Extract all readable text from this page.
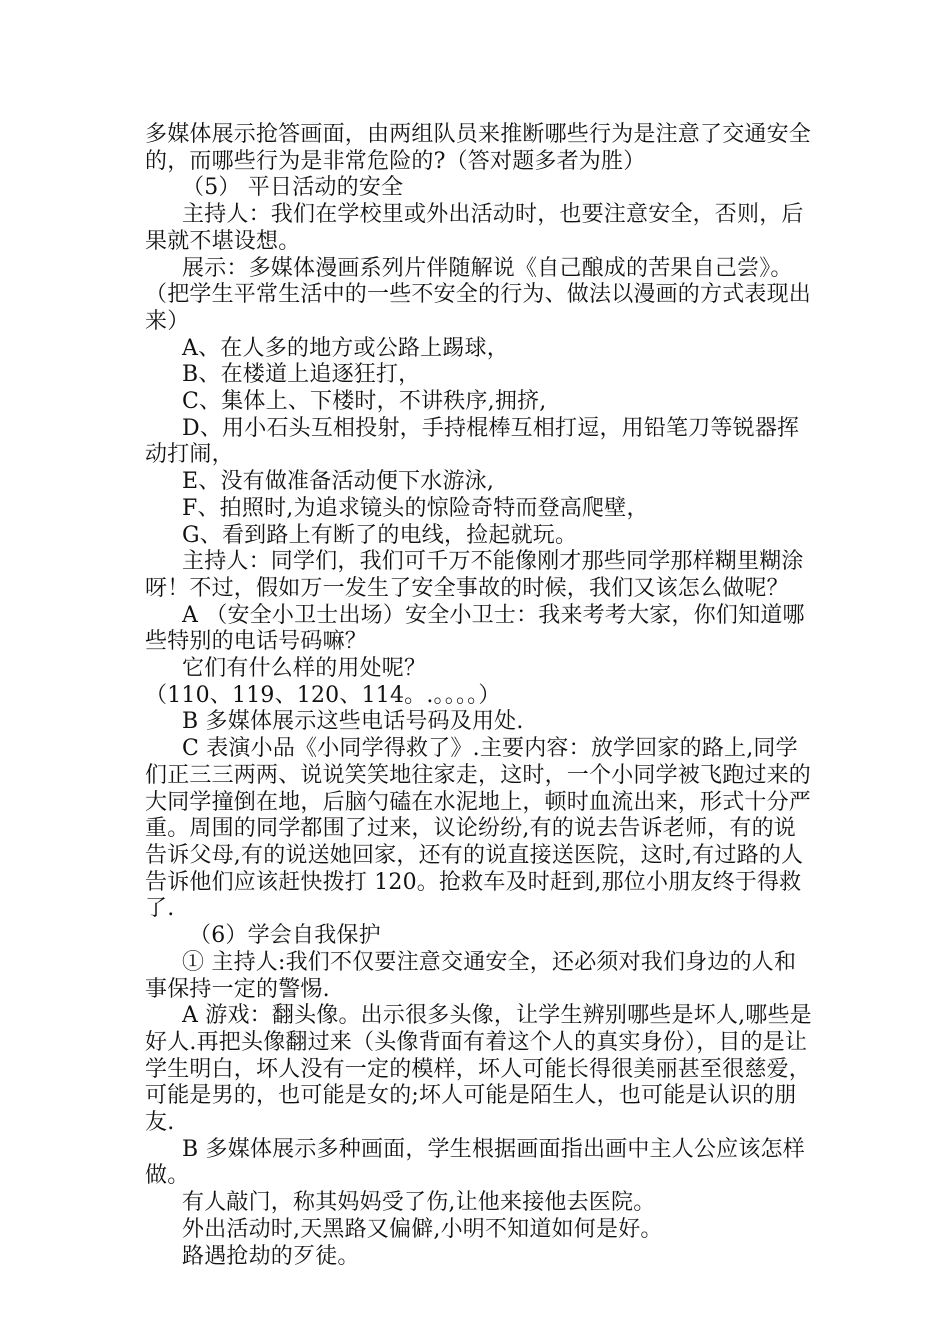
多媒体展示抢答画面，由两组队员来推断哪些行为是注意了交通安全的，而哪些行为是非常危险的?（答对题多者为胜）

（5） 平日活动的安全

主持人：我们在学校里或外出活动时，也要注意安全，否则，后果就不堪设想。

展示：多媒体漫画系列片伴随解说《自己酿成的苦果自己尝》。（把学生平常生活中的一些不安全的行为、做法以漫画的方式表现出来）

A、在人多的地方或公路上踢球，

B、在楼道上追逐狂打，

C、集体上、下楼时，不讲秩序,拥挤,

D、用小石头互相投射，手持棍棒互相打逗，用铅笔刀等锐器挥动打闹，

E、没有做准备活动便下水游泳,

F、拍照时,为追求镜头的惊险奇特而登高爬壁，

G、看到路上有断了的电线，捡起就玩。

主持人：同学们，我们可千万不能像刚才那些同学那样糊里糊涂呀！不过，假如万一发生了安全事故的时候，我们又该怎么做呢？

A （安全小卫士出场）安全小卫士：我来考考大家，你们知道哪些特别的电话号码嘛？

它们有什么样的用处呢？

（110、119、120、114。.。。。。）

B 多媒体展示这些电话号码及用处.

C 表演小品《小同学得救了》.主要内容：放学回家的路上,同学们正三三两两、说说笑笑地往家走，这时，一个小同学被飞跑过来的大同学撞倒在地，后脑勺磕在水泥地上，顿时血流出来，形式十分严重。周围的同学都围了过来，议论纷纷,有的说去告诉老师，有的说告诉父母,有的说送她回家，还有的说直接送医院，这时,有过路的人告诉他们应该赶快拨打 120。抢救车及时赶到,那位小朋友终于得救了.

（6）学会自我保护

① 主持人:我们不仅要注意交通安全，还必须对我们身边的人和事保持一定的警惕.

A 游戏：翻头像。出示很多头像，让学生辨别哪些是坏人,哪些是好人.再把头像翻过来（头像背面有着这个人的真实身份），目的是让学生明白，坏人没有一定的模样，坏人可能长得很美丽甚至很慈爱，可能是男的，也可能是女的;坏人可能是陌生人，也可能是认识的朋友.

B 多媒体展示多种画面，学生根据画面指出画中主人公应该怎样做。

有人敲门，称其妈妈受了伤,让他来接他去医院。

外出活动时,天黑路又偏僻,小明不知道如何是好。

路遇抢劫的歹徒。
